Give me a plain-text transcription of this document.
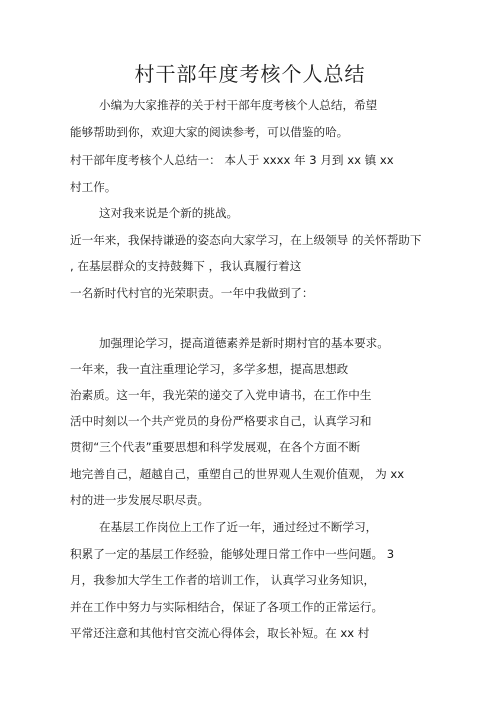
村干部年度考核个人总结
小编为大家推荐的关于村干部年度考核个人总结，希望
能够帮助到你，欢迎大家的阅读参考，可以借鉴的哈。
村干部年度考核个人总结一： 本人于 xxxx 年 3 月到 xx 镇 xx
村工作。
这对我来说是个新的挑战。
近一年来，我保持谦逊的姿态向大家学习，在上级领导 的关怀帮助下
, 在基层群众的支持鼓舞下 ，我认真履行着这
一名新时代村官的光荣职责。一年中我做到了：
加强理论学习，提高道德素养是新时期村官的基本要求。
一年来，我一直注重理论学习，多学多想，提高思想政
治素质。这一年，我光荣的递交了入党申请书，在工作中生
活中时刻以一个共产党员的身份严格要求自己，认真学习和
贯彻“三个代表”重要思想和科学发展观，在各个方面不断
地完善自己，超越自己，重塑自己的世界观人生观价值观， 为 xx
村的进一步发展尽职尽责。
在基层工作岗位上工作了近一年，通过经过不断学习，
积累了一定的基层工作经验，能够处理日常工作中一些问题。 3
月，我参加大学生工作者的培训工作， 认真学习业务知识，
并在工作中努力与实际相结合，保证了各项工作的正常运行。
平常还注意和其他村官交流心得体会，取长补短。在 xx 村
